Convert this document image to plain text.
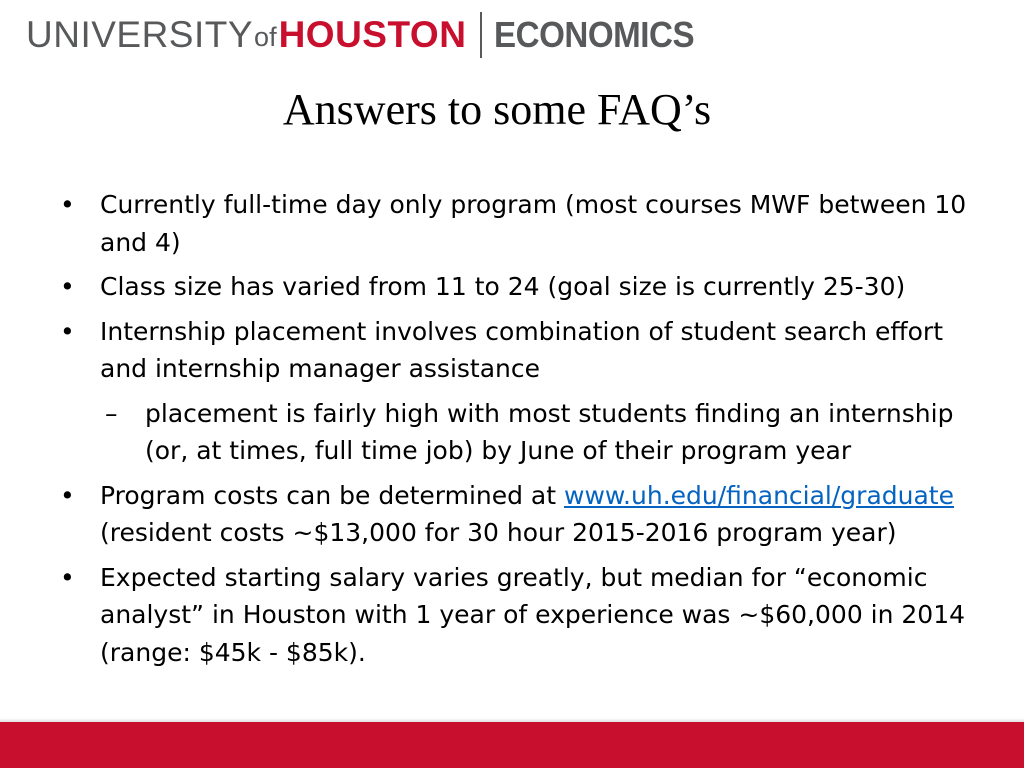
UNIVERSITY of HOUSTON ECONOMICS
Answers to some FAQ’s
• Currently full-time day only program (most courses MWF between 10 and 4)
• Class size has varied from 11 to 24 (goal size is currently 25-30)
• Internship placement involves combination of student search effort and internship manager assistance
–	placement is fairly high with most students finding an internship (or, at times, full time job) by June of their program year
• Program costs can be determined at www.uh.edu/financial/graduate (resident costs ~$13,000 for 30 hour 2015-2016 program year)
• Expected starting salary varies greatly, but median for “economic analyst” in Houston with 1 year of experience was ~$60,000 in 2014 (range: $45k - $85k).
